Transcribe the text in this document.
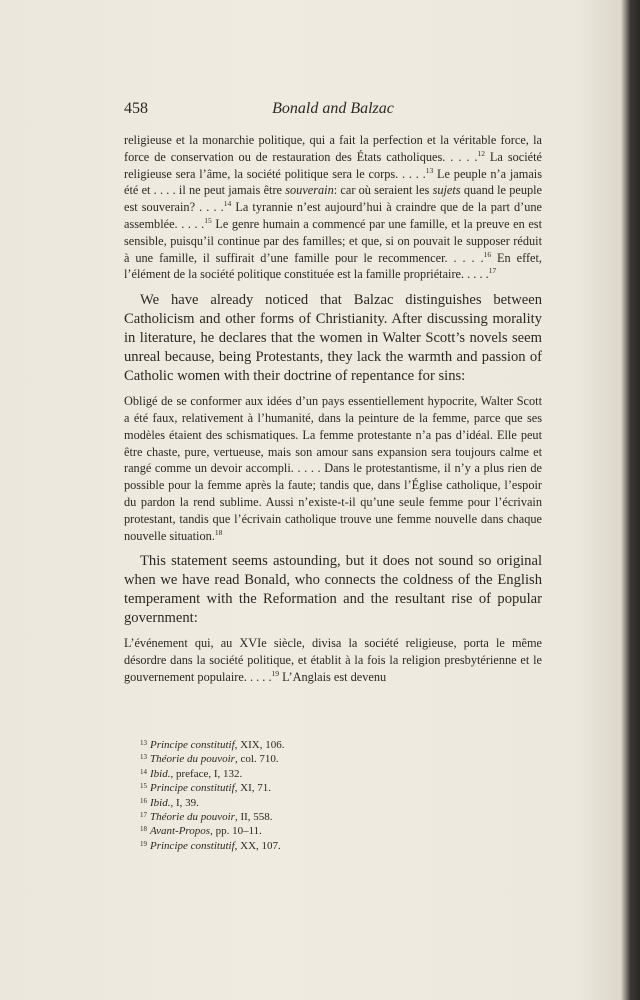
458	Bonald and Balzac

religieuse et la monarchie politique, qui a fait la perfection et la véritable force, la force de conservation ou de restauration des États catholiques. . . . .$^{12}$ La société religieuse sera l’âme, la société politique sera le corps. . . . .$^{13}$ Le peuple n’a jamais été et . . . . il ne peut jamais être souverain: car où seraient les sujets quand le peuple est souverain? . . . .$^{14}$ La tyrannie n’est aujourd’hui à craindre que de la part d’une assemblée. . . . .$^{15}$ Le genre humain a commencé par une famille, et la preuve en est sensible, puisqu’il continue par des familles; et que, si on pouvait le supposer réduit à une famille, il suffirait d’une famille pour le recommencer. . . . .$^{16}$ En effet, l’élément de la société politique constituée est la famille propriétaire. . . . .$^{17}$

We have already noticed that Balzac distinguishes between Catholicism and other forms of Christianity. After discussing morality in literature, he declares that the women in Walter Scott’s novels seem unreal because, being Protestants, they lack the warmth and passion of Catholic women with their doctrine of repentance for sins:

Obligé de se conformer aux idées d’un pays essentiellement hypocrite, Walter Scott a été faux, relativement à l’humanité, dans la peinture de la femme, parce que ses modèles étaient des schismatiques. La femme protestante n’a pas d’idéal. Elle peut être chaste, pure, vertueuse, mais son amour sans expansion sera toujours calme et rangé comme un devoir accompli. . . . . Dans le protestantisme, il n’y a plus rien de possible pour la femme après la faute; tandis que, dans l’Église catholique, l’espoir du pardon la rend sublime. Aussi n’existe-t-il qu’une seule femme pour l’écrivain protestant, tandis que l’écrivain catholique trouve une femme nouvelle dans chaque nouvelle situation.$^{18}$

This statement seems astounding, but it does not sound so original when we have read Bonald, who connects the coldness of the English temperament with the Reformation and the resultant rise of popular government:

L’événement qui, au XVIe siècle, divisa la société religieuse, porta le même désordre dans la société politique, et établit à la fois la religion presbytérienne et le gouvernement populaire. . . . .$^{19}$ L’Anglais est devenu

$^{13}$ Principe constitutif, XIX, 106.
$^{13}$ Théorie du pouvoir, col. 710.
$^{14}$ Ibid., preface, I, 132.
$^{15}$ Principe constitutif, XI, 71.
$^{16}$ Ibid., I, 39.
$^{17}$ Théorie du pouvoir, II, 558.
$^{18}$ Avant-Propos, pp. 10–11.
$^{19}$ Principe constitutif, XX, 107.
